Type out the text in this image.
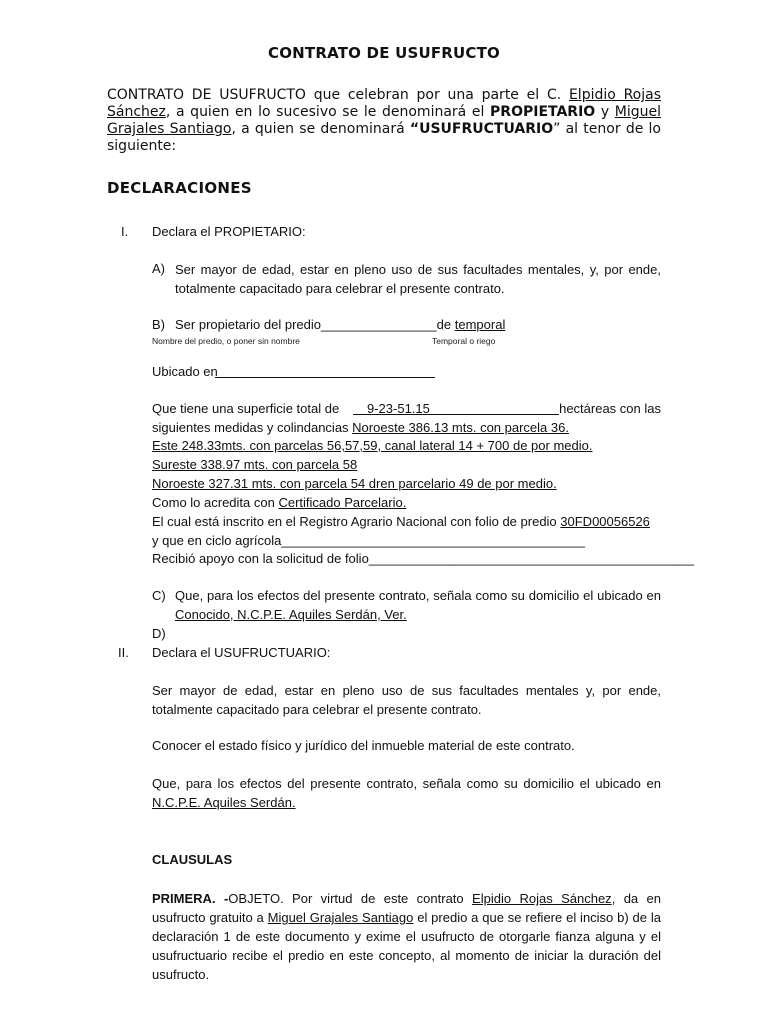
CONTRATO DE USUFRUCTO
CONTRATO DE USUFRUCTO que celebran por una parte el C. Elpidio Rojas Sánchez, a quien en lo sucesivo se le denominará el PROPIETARIO y Miguel Grajales Santiago, a quien se denominará “USUFRUCTUARIO” al tenor de lo siguiente:
DECLARACIONES
I. Declara el PROPIETARIO:
A) Ser mayor de edad, estar en pleno uso de sus facultades mentales, y, por ende, totalmente capacitado para celebrar el presente contrato.
B) Ser propietario del predio________________de temporal
Nombre del predio, o poner sin nombre	Temporal o riego
Ubicado en
Que tiene una superficie total de 9-23-51.15	hectáreas con las
siguientes medidas y colindancias Noroeste 386.13 mts. con parcela 36.
Este 248.33mts. con parcelas 56,57,59, canal lateral 14 + 700 de por medio.
Sureste 338.97 mts. con parcela 58
Noroeste 327.31 mts. con parcela 54 dren parcelario 49 de por medio.
Como lo acredita con Certificado Parcelario.
El cual está inscrito en el Registro Agrario Nacional con folio de predio 30FD00056526
y que en ciclo agrícola__________________________________________
Recibió apoyo con la solicitud de folio_____________________________________________
C) Que, para los efectos del presente contrato, señala como su domicilio el ubicado en
Conocido, N.C.P.E. Aquiles Serdán, Ver.
D)
II. Declara el USUFRUCTUARIO:
Ser mayor de edad, estar en pleno uso de sus facultades mentales y, por ende, totalmente capacitado para celebrar el presente contrato.
Conocer el estado físico y jurídico del inmueble material de este contrato.
Que, para los efectos del presente contrato, señala como su domicilio el ubicado en
N.C.P.E. Aquiles Serdán.
CLAUSULAS
PRIMERA. -OBJETO. Por virtud de este contrato Elpidio Rojas Sánchez, da en usufructo gratuito a Miguel Grajales Santiago el predio a que se refiere el inciso b) de la declaración 1 de este documento y exime el usufructo de otorgarle fianza alguna y el usufructuario recibe el predio en este concepto, al momento de iniciar la duración del usufructo.
